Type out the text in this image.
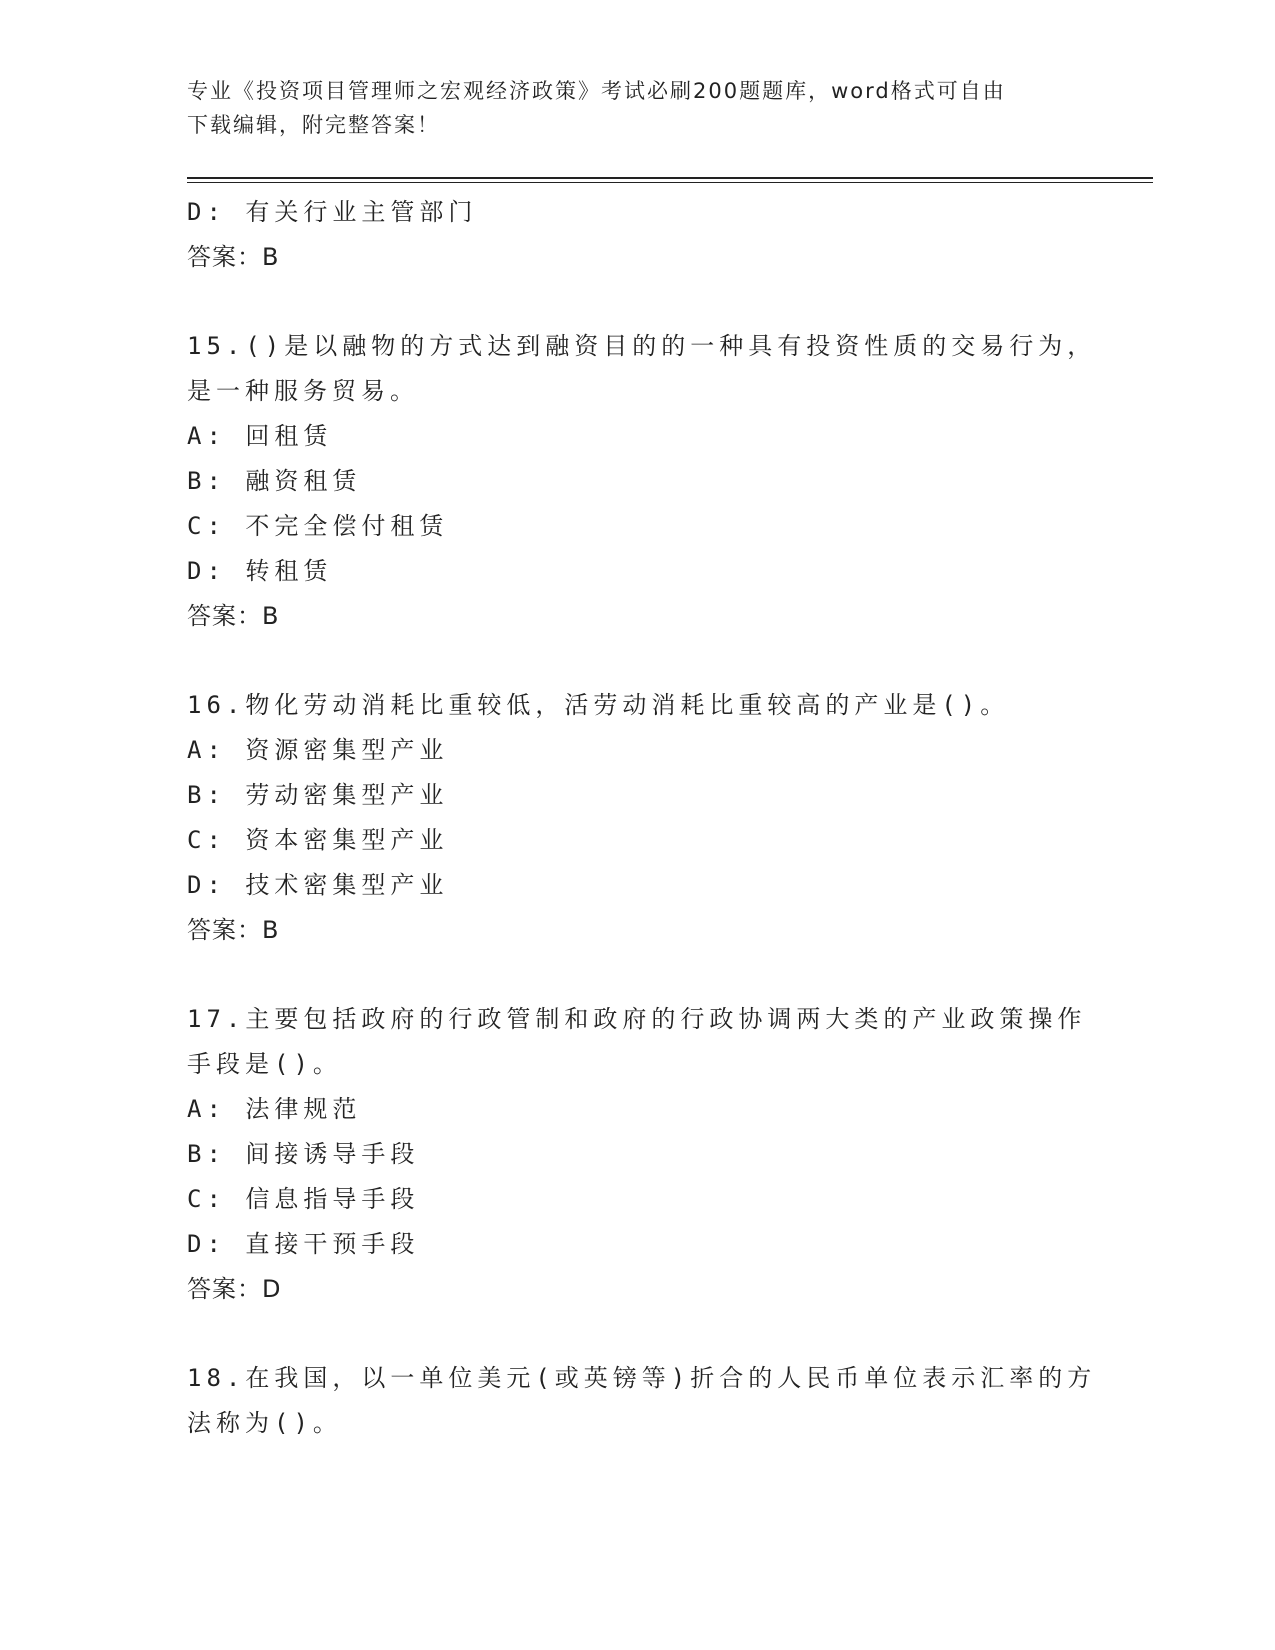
专业《投资项目管理师之宏观经济政策》考试必刷200题题库，word格式可自由
下载编辑，附完整答案！
D: 有关行业主管部门
答案：B
15.()是以融物的方式达到融资目的的一种具有投资性质的交易行为，
是一种服务贸易。
A: 回租赁
B: 融资租赁
C: 不完全偿付租赁
D: 转租赁
答案：B
16.物化劳动消耗比重较低，活劳动消耗比重较高的产业是()。
A: 资源密集型产业
B: 劳动密集型产业
C: 资本密集型产业
D: 技术密集型产业
答案：B
17.主要包括政府的行政管制和政府的行政协调两大类的产业政策操作
手段是()。
A: 法律规范
B: 间接诱导手段
C: 信息指导手段
D: 直接干预手段
答案：D
18.在我国，以一单位美元(或英镑等)折合的人民币单位表示汇率的方
法称为()。
